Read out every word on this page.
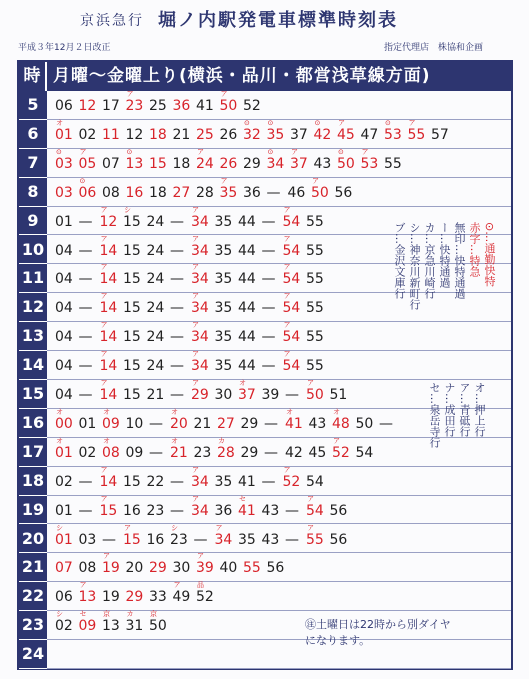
京浜急行 堀ノ内駅発電車標準時刻表
平成３年12月２日改正	指定代理店　株協和企画
時 月曜〜金曜上り(横浜・品川・都営浅草線方面)
5
6
7
8
9
10
11
12
13
14
15
16
17
18
19
20
21
22
23
24
06 12 17 23
ア
25 36 41 50
ア
52
01
オ
02 11 12 18 21 25 26 32
⊙
35
⊙
37 42
⊙
45
ア
47 53
⊙
55
ア
57
03
⊙
05
ア
07 13
⊙
15 18 24
ア
26 29 34
⊙
37
ア
43 50
⊙
53
ア
55
03 06
⊙
08 16 18 27 28 35
ア
36 — 46 50
ア
56
01 — 12
ア
15
シ
24 — 34
ア
35 44 — 54
ア
55
04 — 14
ア
15 24 — 34
ア
35 44 — 54
ア
55
04 — 14
ア
15 24 — 34
ア
35 44 — 54
ア
55
04 — 14
ア
15 24 — 34
ア
35 44 — 54
ア
55
04 — 14
ア
15 24 — 34
ア
35 44 — 54
ア
55
04 — 14
ア
15 24 — 34
ア
35 44 — 54
ア
55
04 — 14
ア
15 21 — 29
ア
30 37
オ
39 — 50
ア
51
00
オ
01 09
オ
10 — 20
オ
21 27 29 — 41
オ
43 48
オ
50 —
01
オ
02 08
オ
09 — 21
オ
23 28
カ
29 — 42 45 52
ア
54
02 — 14
ア
15 22 — 34
ア
35 41 — 52
ア
54
01 — 15
ア
16 23 — 34
ア
36 41
セ
43 — 54
ア
56
01
シ
03 — 15
ア
16 23
シ
— 34
ア
35 43 — 55
ア
56
07 08 19
ア
20 29 30 39
ア
40 55 56
06 13
ア
19 29 33 49
ア
52
品
02
シ
09
セ
13
京
31
カ
50
京
⊙…通勤快特
赤字…特急
無印…快特通過
ー…快特通過
カ…京急川崎行
シ…神奈川新町行
ブ…金沢文庫行
オ…押上行
ア…青砥行
ナ…成田行
セ…泉岳寺行
㊟土曜日は22時から別ダイヤ
になります。
